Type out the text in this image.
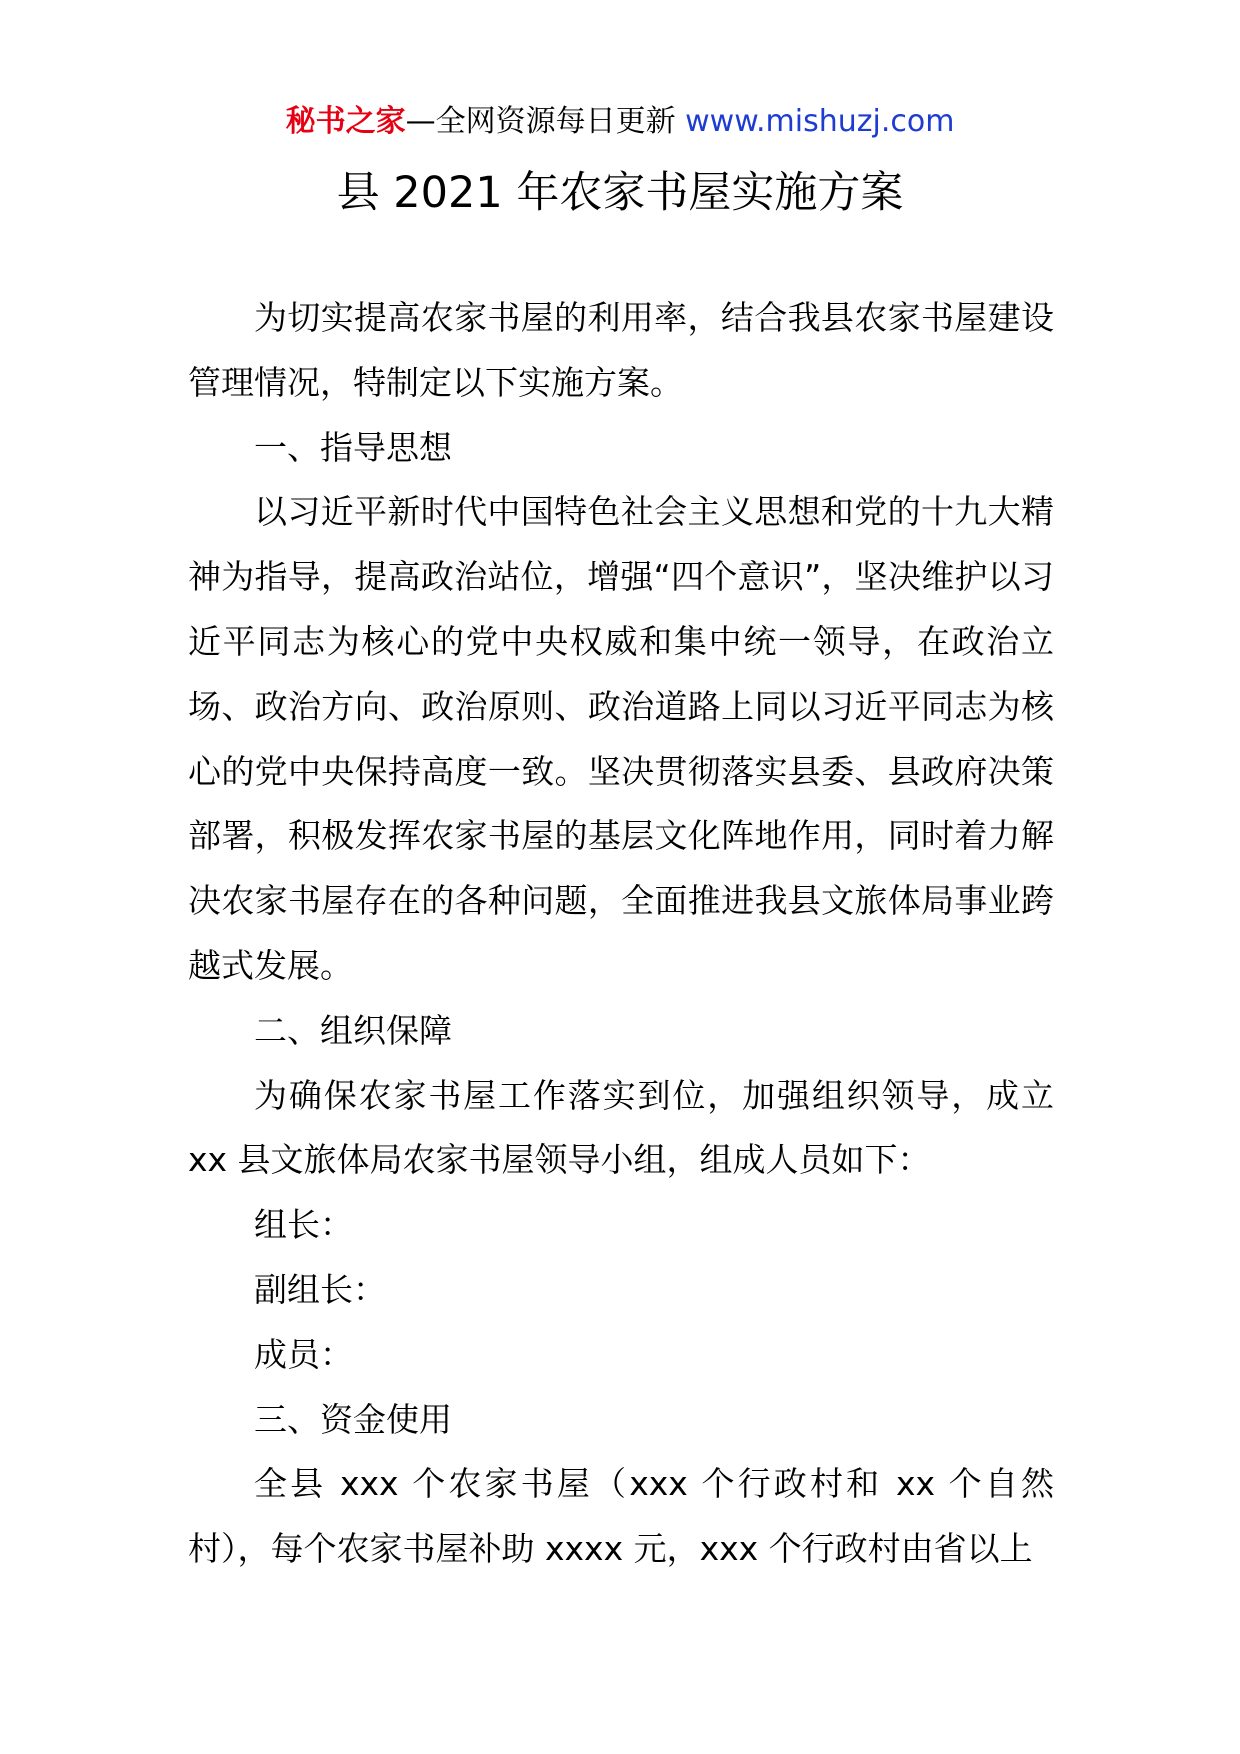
秘书之家—全网资源每日更新 www.mishuzj.com
县 2021 年农家书屋实施方案

为切实提高农家书屋的利用率，结合我县农家书屋建设管理情况，特制定以下实施方案。

一、指导思想

以习近平新时代中国特色社会主义思想和党的十九大精神为指导，提高政治站位，增强“四个意识”，坚决维护以习近平同志为核心的党中央权威和集中统一领导，在政治立场、政治方向、政治原则、政治道路上同以习近平同志为核心的党中央保持高度一致。坚决贯彻落实县委、县政府决策部署，积极发挥农家书屋的基层文化阵地作用，同时着力解决农家书屋存在的各种问题，全面推进我县文旅体局事业跨越式发展。

二、组织保障

为确保农家书屋工作落实到位，加强组织领导，成立 xx 县文旅体局农家书屋领导小组，组成人员如下：

组长：

副组长：

成员：

三、资金使用

全县 xxx 个农家书屋（xxx 个行政村和 xx 个自然村），每个农家书屋补助 xxxx 元，xxx 个行政村由省以上
